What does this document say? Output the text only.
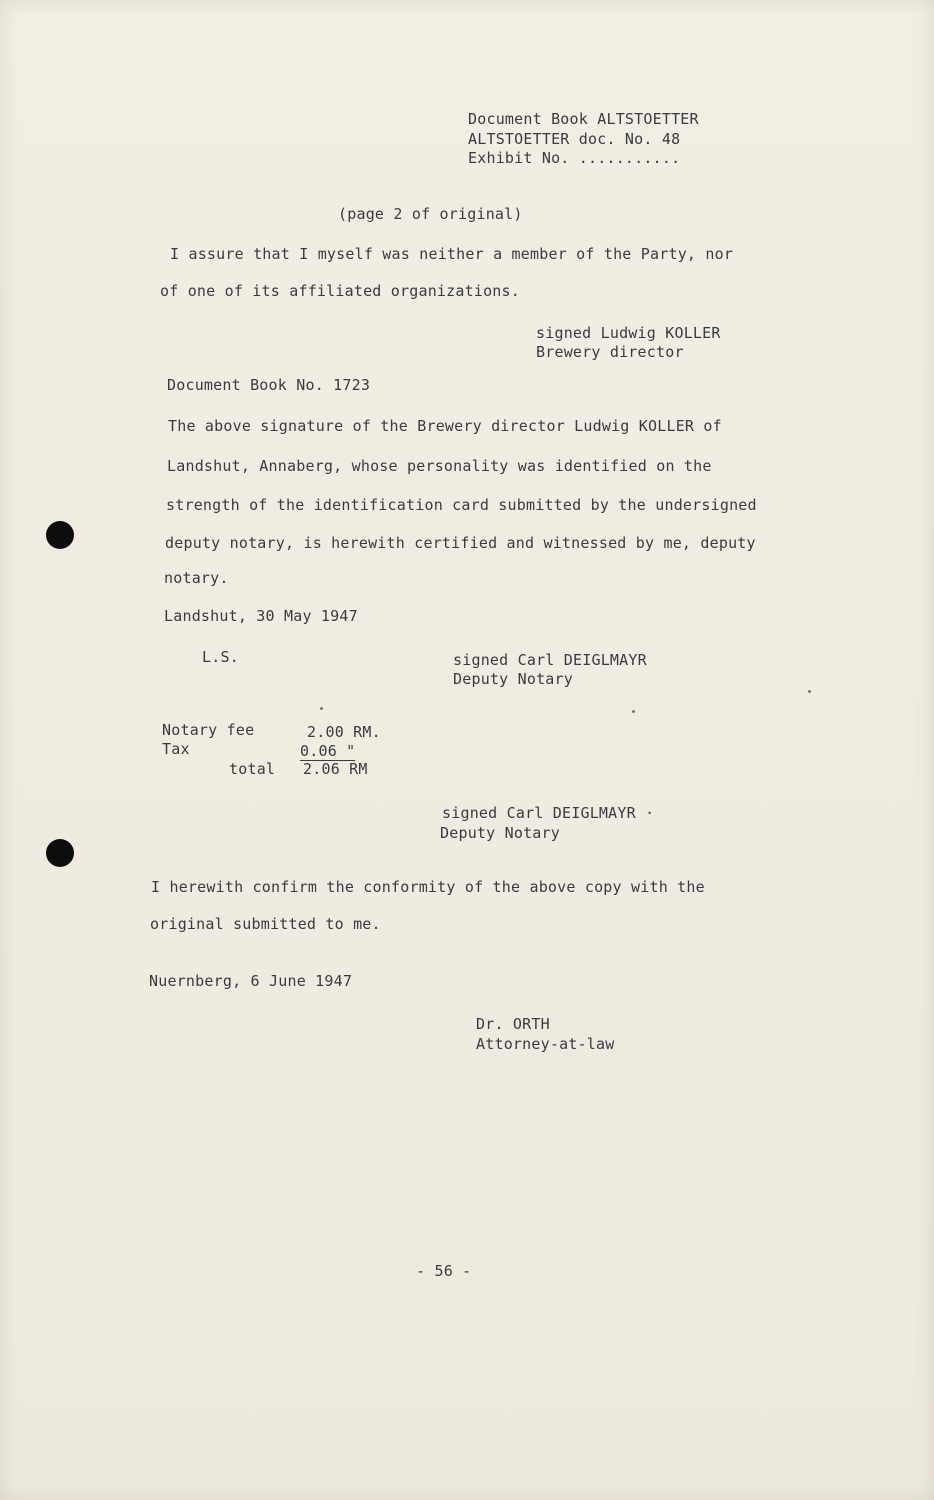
Document Book ALTSTOETTER
ALTSTOETTER doc. No. 48
Exhibit No. ...........
(page 2 of original)
I assure that I myself was neither a member of the Party, nor
of one of its affiliated organizations.
signed Ludwig KOLLER
Brewery director
Document Book No. 1723
The above signature of the Brewery director Ludwig KOLLER of
Landshut, Annaberg, whose personality was identified on the
strength of the identification card submitted by the undersigned
deputy notary, is herewith certified and witnessed by me, deputy
notary.
Landshut, 30 May 1947
L.S.	signed Carl DEIGLMAYR
Deputy Notary
Notary fee	2.00 RM.
Tax	0.06 "
total 2.06 RM
signed Carl DEIGLMAYR ·
Deputy Notary
I herewith confirm the conformity of the above copy with the
original submitted to me.
Nuernberg, 6 June 1947
Dr. ORTH
Attorney-at-law
- 56 -
